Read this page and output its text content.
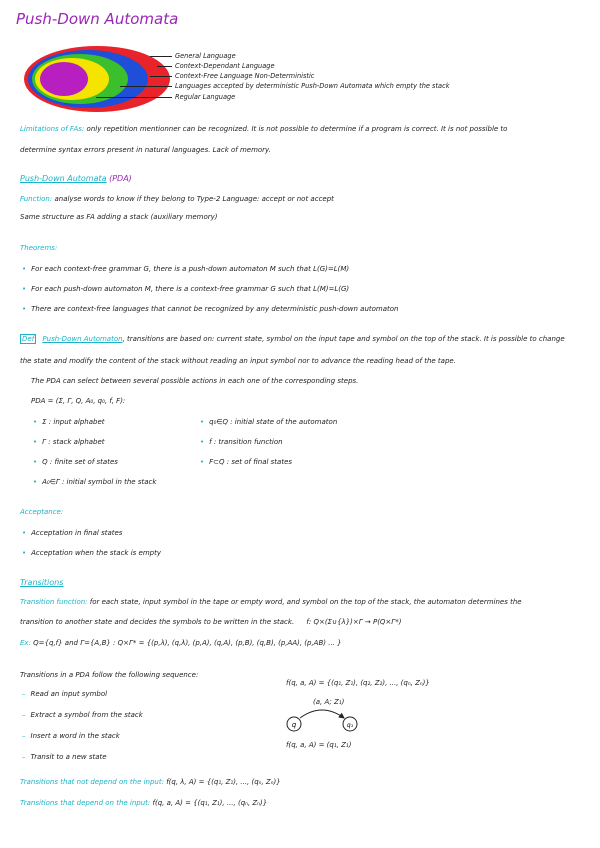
Push-Down Automata
General Language
Context-Dependant Language
Context-Free Language Non-Deterministic
Languages accepted by deterministic Push-Down Automata which empty the stack
Regular Language
Limitations of FAs: only repetition mentionner can be recognized. It is not possible to determine if a program is correct. It is not possible to
determine syntax errors present in natural languages. Lack of memory.
Push-Down Automata (PDA)
Function: analyse words to know if they belong to Type-2 Language: accept or not accept
Same structure as FA adding a stack (auxiliary memory)
Theorems:
• For each context-free grammar G, there is a push-down automaton M such that L(G)=L(M)
• For each push-down automaton M, there is a context-free grammar G such that L(M)=L(G)
• There are context-free languages that cannot be recognized by any deterministic push-down automaton
Def Push-Down Automaton, transitions are based on: current state, symbol on the input tape and symbol on the top of the stack. It is possible to change
the state and modify the content of the stack without reading an input symbol nor to advance the reading head of the tape.
The PDA can select between several possible actions in each one of the corresponding steps.
PDA = (Σ, Γ, Q, A₀, q₀, f, F):
• Σ : input alphabet
• Γ : stack alphabet
• Q : finite set of states
• A₀∈Γ : initial symbol in the stack
• q₀∈Q : initial state of the automaton
• f : transition function
• F⊂Q : set of final states
Acceptance:
• Acceptation in final states
• Acceptation when the stack is empty
Transitions
Transition function: for each state, input symbol in the tape or empty word, and symbol on the top of the stack, the automaton determines the
transition to another state and decides the symbols to be written in the stack. f: Q×(Σ∪{λ})×Γ → P(Q×Γ*)
Ex: Q={q,f} and Γ={A,B} : Q×Γ* = {(p,λ), (q,λ), (p,A), (q,A), (p,B), (q,B), (p,AA), (p,AB) ... }
Transitions in a PDA follow the following sequence:
– Read an input symbol
– Extract a symbol from the stack
– Insert a word in the stack
– Transit to a new state
f(q, a, A) = {(q₁, Z₁), (q₂, Z₂), ..., (qₙ, Zₙ)}
(a, A; Z₁)
q	q₁
f(q, a, A) = (q₁, Z₁)
Transitions that not depend on the input: f(q, λ, A) = {(q₁, Z₁), ..., (qₙ, Zₙ)}
Transitions that depend on the input: f(q, a, A) = {(q₁, Z₁), ..., (qₙ, Zₙ)}
